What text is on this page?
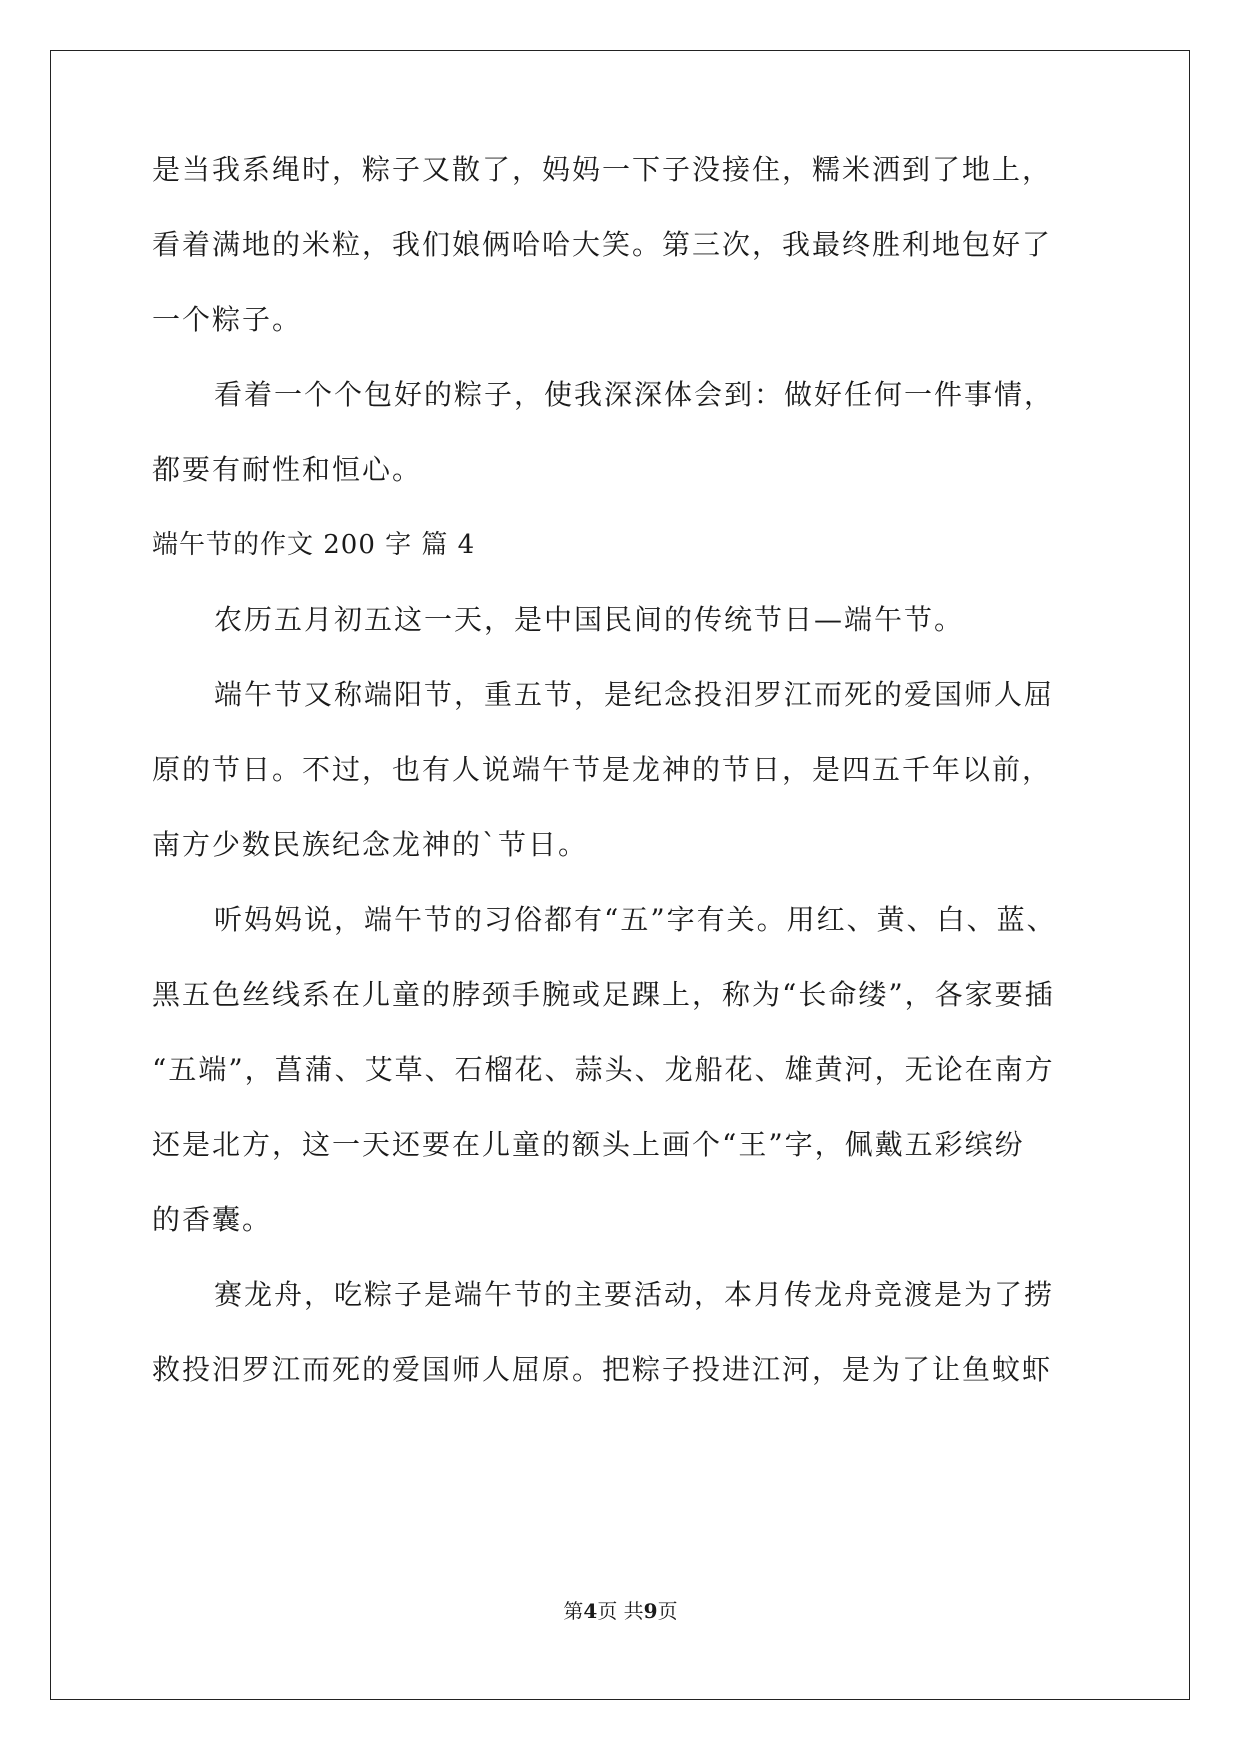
是当我系绳时，粽子又散了，妈妈一下子没接住，糯米洒到了地上，
看着满地的米粒，我们娘俩哈哈大笑。第三次，我最终胜利地包好了
一个粽子。
看着一个个包好的粽子，使我深深体会到：做好任何一件事情，
都要有耐性和恒心。
端午节的作文 200 字 篇 4
农历五月初五这一天，是中国民间的传统节日—端午节。
端午节又称端阳节，重五节，是纪念投汨罗江而死的爱国师人屈
原的节日。不过，也有人说端午节是龙神的节日，是四五千年以前，
南方少数民族纪念龙神的`节日。
听妈妈说，端午节的习俗都有“五”字有关。用红、黄、白、蓝、
黑五色丝线系在儿童的脖颈手腕或足踝上，称为“长命缕”，各家要插
“五端”，菖蒲、艾草、石榴花、蒜头、龙船花、雄黄河，无论在南方
还是北方，这一天还要在儿童的额头上画个“王”字，佩戴五彩缤纷
的香囊。
赛龙舟，吃粽子是端午节的主要活动，本月传龙舟竞渡是为了捞
救投汨罗江而死的爱国师人屈原。把粽子投进江河，是为了让鱼蚊虾
第4页 共9页
